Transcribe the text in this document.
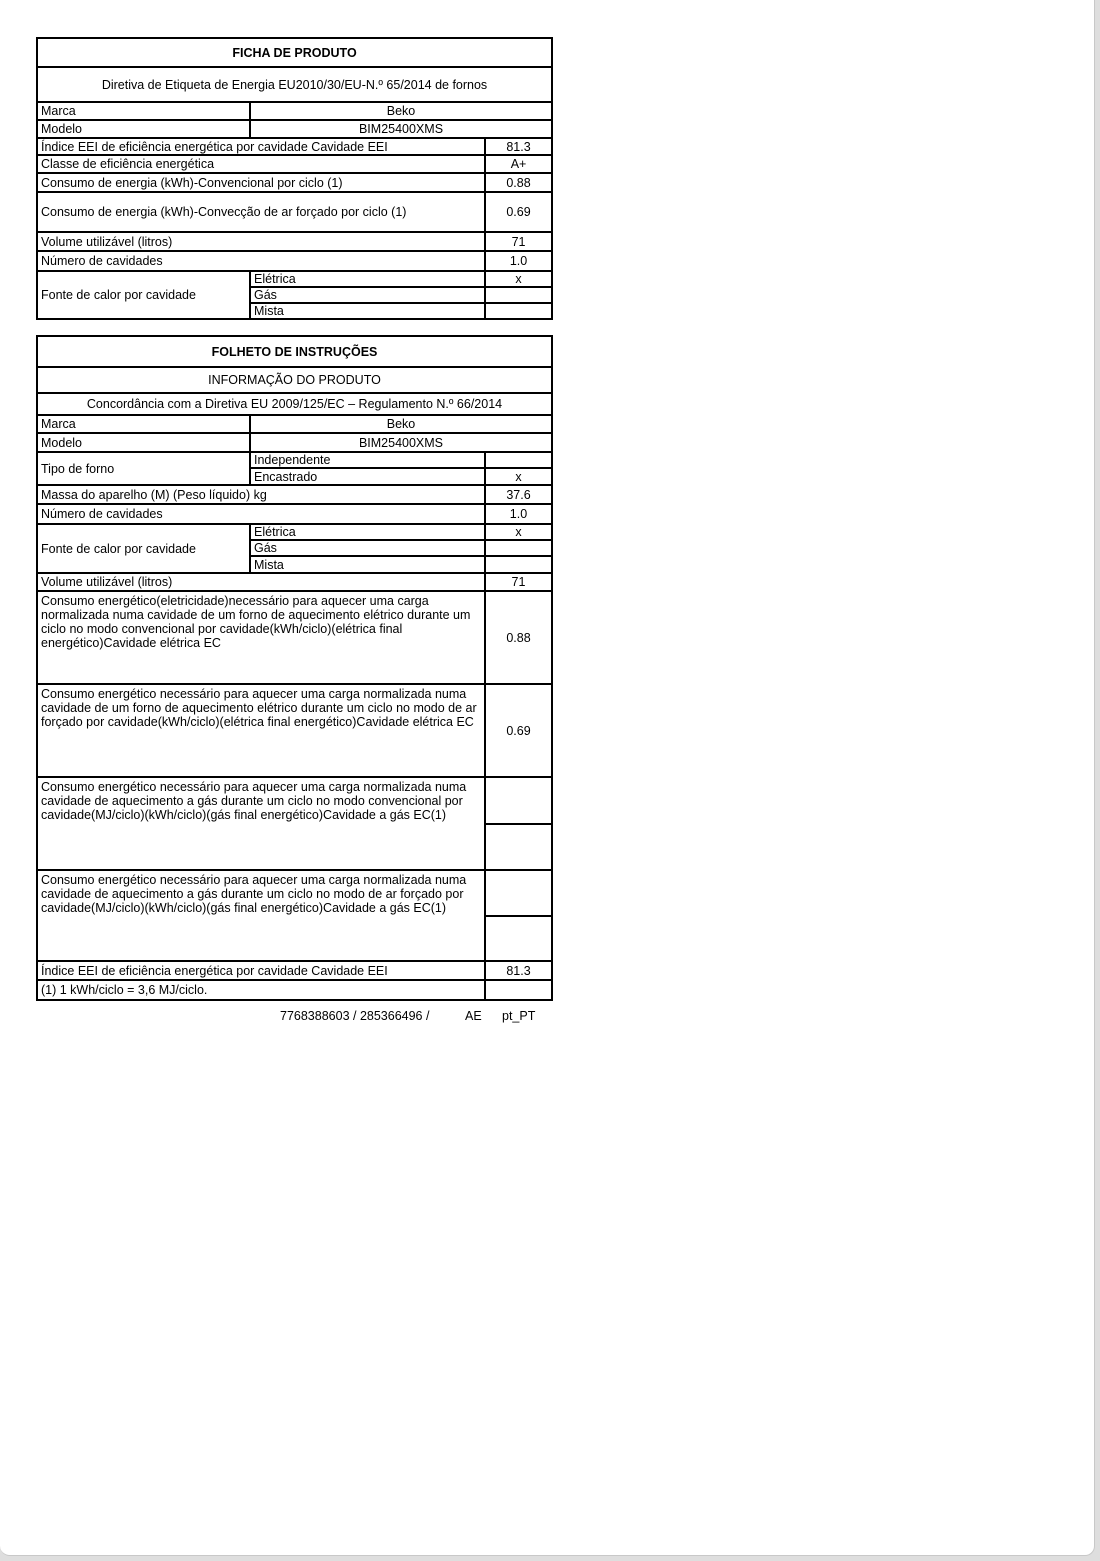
FICHA DE PRODUTO		
Diretiva de Etiqueta de Energia EU2010/30/EU-N.º 65/2014 de fornos		
Marca	Beko	
Modelo	BIM25400XMS	
Índice EEI de eficiência energética por cavidade Cavidade EEI		81.3
Classe de eficiência energética		A+
Consumo de energia (kWh)-Convencional por ciclo (1)		0.88
Consumo de energia (kWh)-Convecção de ar forçado por ciclo (1)		0.69
Volume utilizável (litros)		71
Número de cavidades		1.0
Fonte de calor por cavidade	Elétrica	x
	Gás	
	Mista	
FOLHETO DE INSTRUÇÕES		
INFORMAÇÃO DO PRODUTO		
Concordância com a Diretiva EU 2009/125/EC – Regulamento N.º 66/2014		
Marca	Beko	
Modelo	BIM25400XMS	
Tipo de forno	Independente	
	Encastrado	x
Massa do aparelho (M) (Peso líquido) kg		37.6
Número de cavidades		1.0
Fonte de calor por cavidade	Elétrica	x
	Gás	
	Mista	
Volume utilizável (litros)		71
Consumo energético(eletricidade)necessário para aquecer uma carga normalizada numa cavidade de um forno de aquecimento elétrico durante um ciclo no modo convencional por cavidade(kWh/ciclo)(elétrica final energético)Cavidade elétrica EC		0.88
Consumo energético necessário para aquecer uma carga normalizada numa cavidade de um forno de aquecimento elétrico durante um ciclo no modo de ar forçado por cavidade(kWh/ciclo)(elétrica final energético)Cavidade elétrica EC		0.69
Consumo energético necessário para aquecer uma carga normalizada numa cavidade de aquecimento a gás durante um ciclo no modo convencional por cavidade(MJ/ciclo)(kWh/ciclo)(gás final energético)Cavidade a gás EC(1)		

Consumo energético necessário para aquecer uma carga normalizada numa cavidade de aquecimento a gás durante um ciclo no modo de ar forçado por cavidade(MJ/ciclo)(kWh/ciclo)(gás final energético)Cavidade a gás EC(1)		

Índice EEI de eficiência energética por cavidade Cavidade EEI		81.3
(1) 1 kWh/ciclo = 3,6 MJ/ciclo.		
7768388603 / 285366496 /	AE pt_PT
